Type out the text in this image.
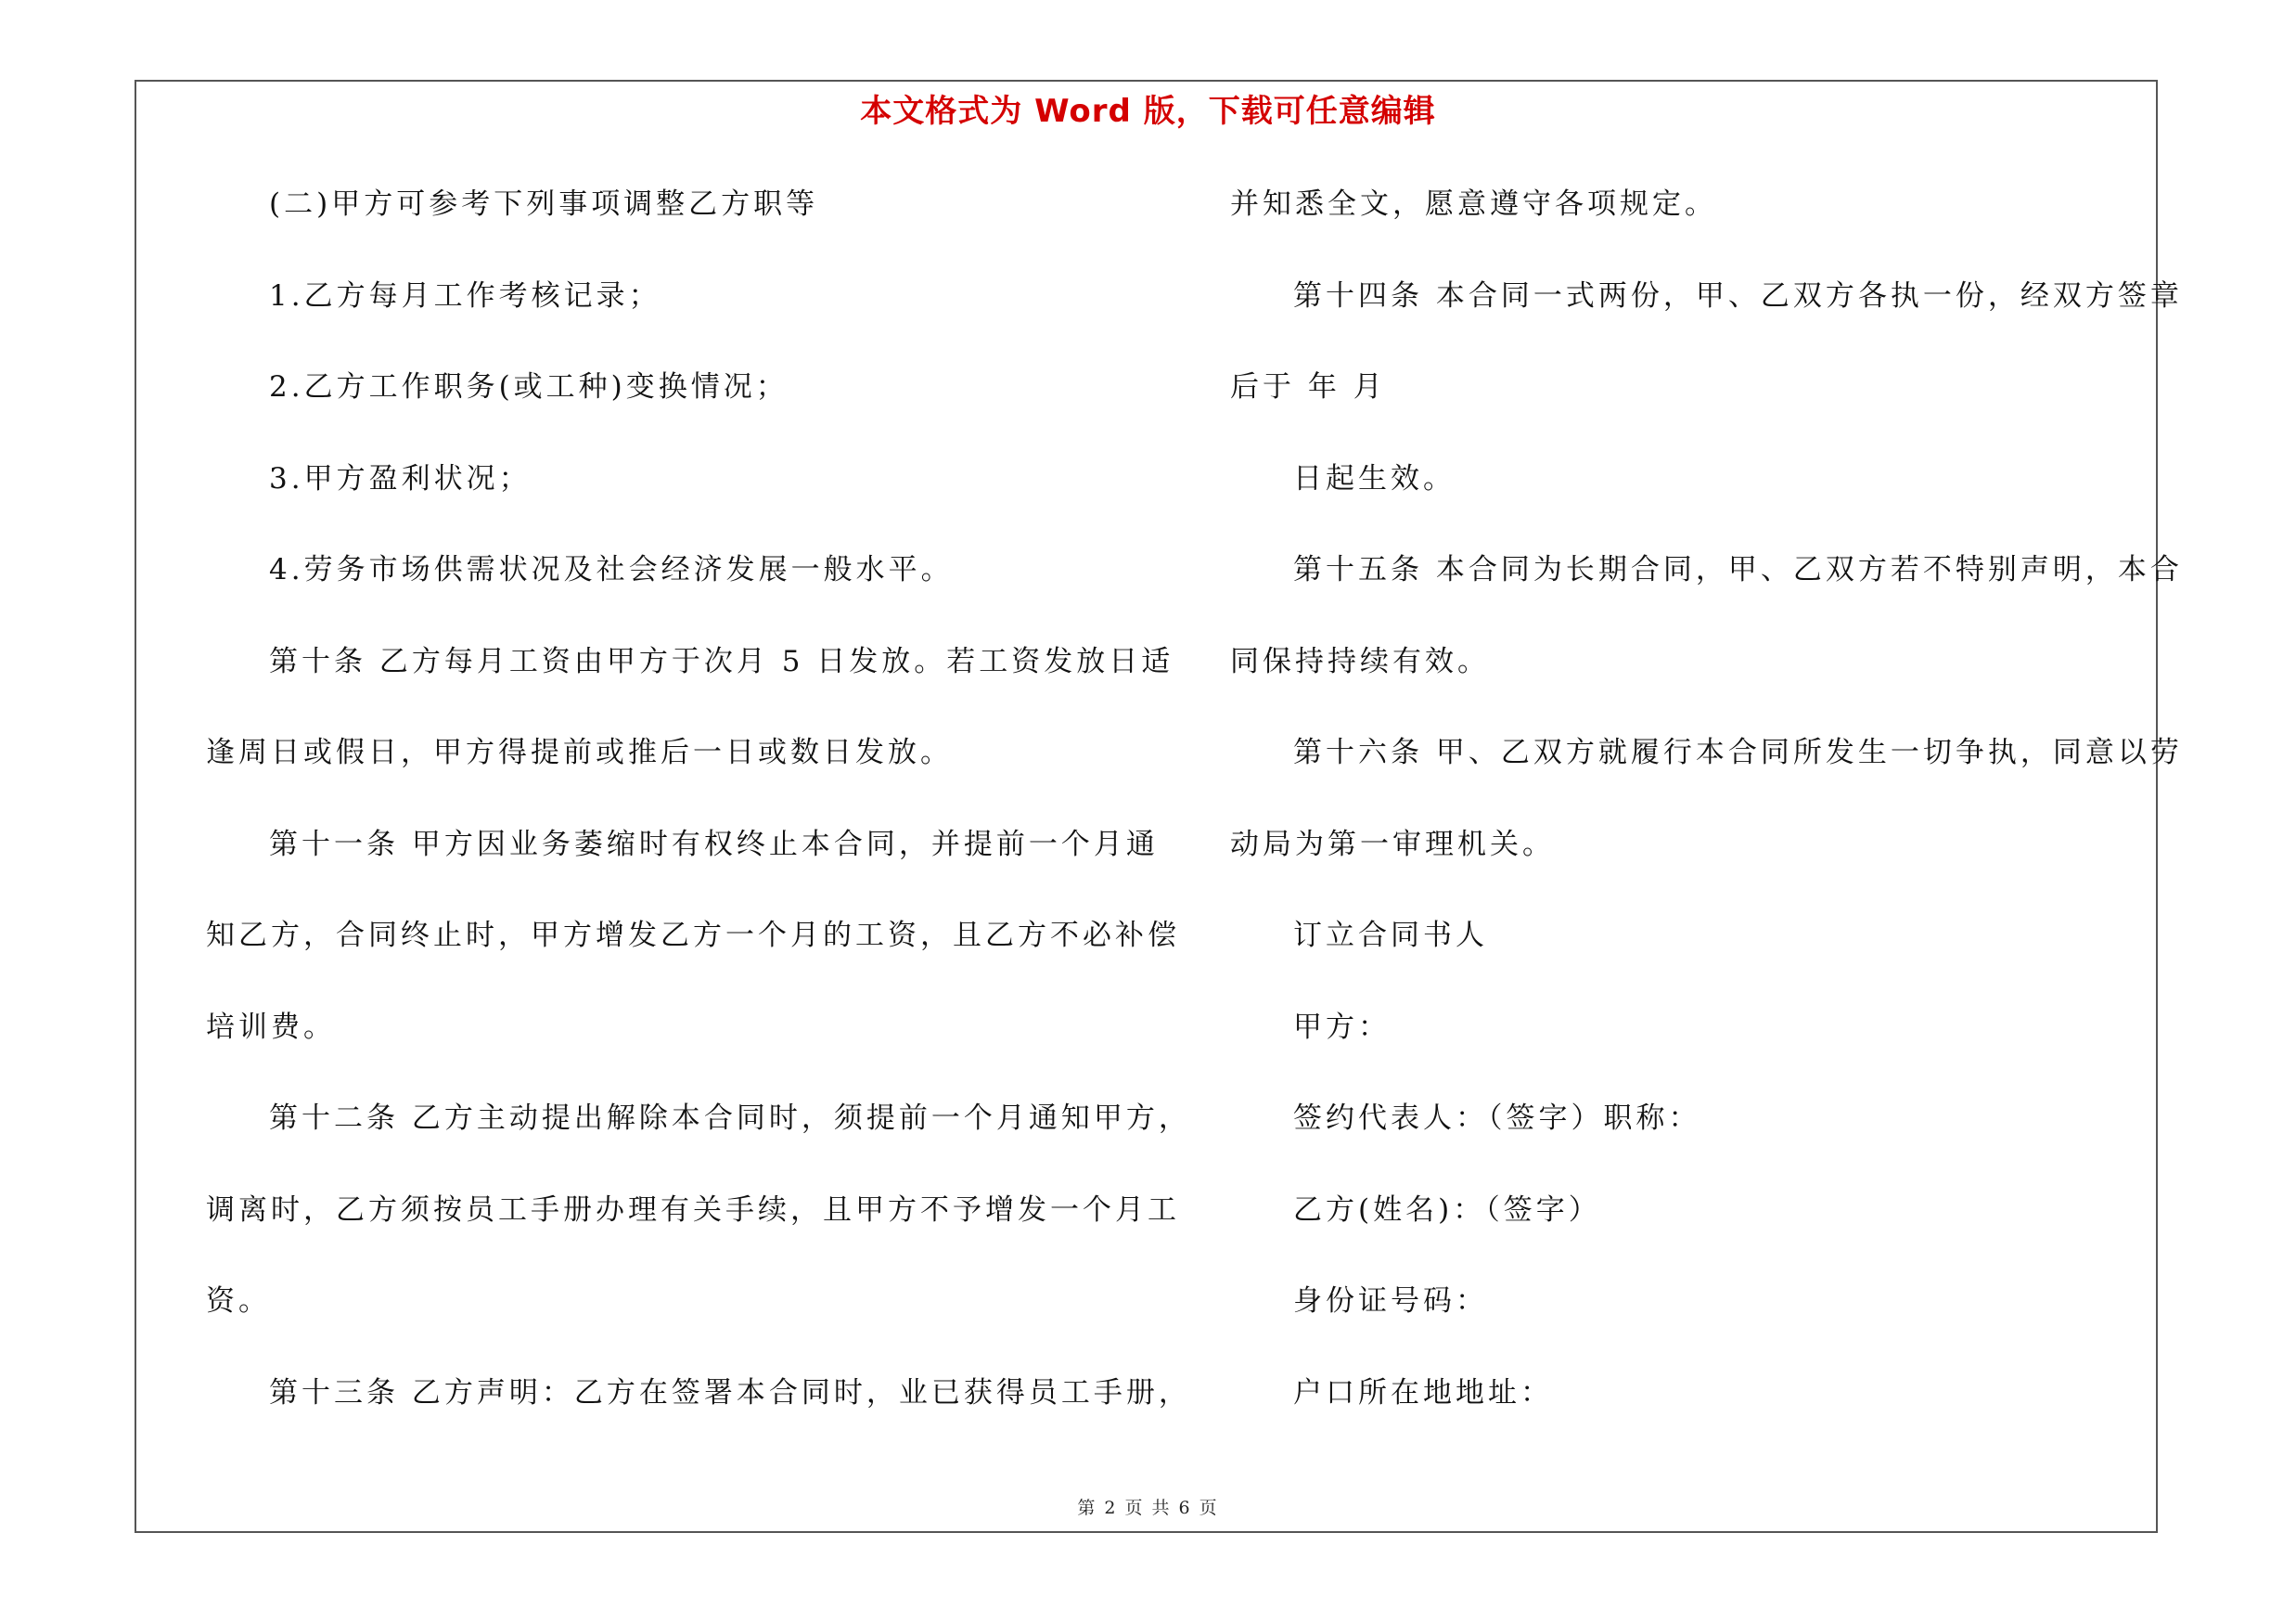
本文格式为 Word 版，下载可任意编辑
(二)甲方可参考下列事项调整乙方职等
1.乙方每月工作考核记录；
2.乙方工作职务(或工种)变换情况；
3.甲方盈利状况；
4.劳务市场供需状况及社会经济发展一般水平。
第十条 乙方每月工资由甲方于次月 5 日发放。若工资发放日适
逢周日或假日，甲方得提前或推后一日或数日发放。
第十一条 甲方因业务萎缩时有权终止本合同，并提前一个月通
知乙方，合同终止时，甲方增发乙方一个月的工资，且乙方不必补偿
培训费。
第十二条 乙方主动提出解除本合同时，须提前一个月通知甲方，
调离时，乙方须按员工手册办理有关手续，且甲方不予增发一个月工
资。
第十三条 乙方声明：乙方在签署本合同时，业已获得员工手册，
并知悉全文，愿意遵守各项规定。
第十四条 本合同一式两份，甲、乙双方各执一份，经双方签章
后于 年 月
日起生效。
第十五条 本合同为长期合同，甲、乙双方若不特别声明，本合
同保持持续有效。
第十六条 甲、乙双方就履行本合同所发生一切争执，同意以劳
动局为第一审理机关。
订立合同书人
甲方：
签约代表人：（签字）职称：
乙方(姓名)：（签字）
身份证号码：
户口所在地地址：
第 2 页 共 6 页
